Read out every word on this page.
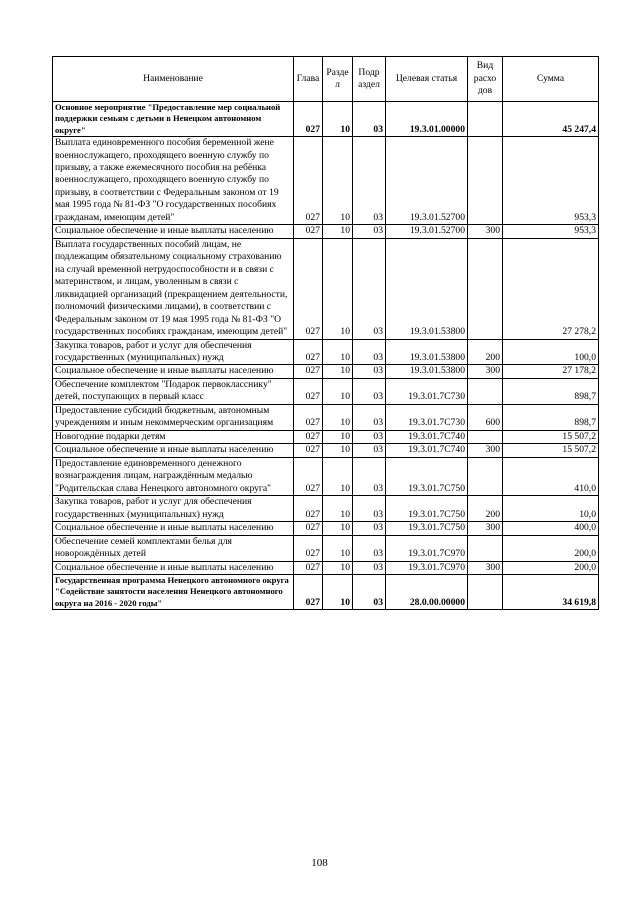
Наименование	Глава	Разде л	Подр аздел	Целевая статья	Вид расхо дов	Сумма
Основное мероприятие "Предоставление мер социальной поддержки семьям с детьми в Ненецком автономном округе"	027	10	03	19.3.01.00000		45 247,4
Выплата единовременного пособия беременной жене военнослужащего, проходящего военную службу по призыву, а также ежемесячного пособия на ребёнка военнослужащего, проходящего военную службу по призыву, в соответствии с Федеральным законом от 19 мая 1995 года № 81-ФЗ "О государственных пособиях гражданам, имеющим детей"	027	10	03	19.3.01.52700		953,3
Социальное обеспечение и иные выплаты населению	027	10	03	19.3.01.52700	300	953,3
Выплата государственных пособий лицам, не подлежащим обязательному социальному страхованию на случай временной нетрудоспособности и в связи с материнством, и лицам, уволенным в связи с ликвидацией организаций (прекращением деятельности, полномочий физическими лицами), в соответствии с Федеральным законом от 19 мая 1995 года № 81-ФЗ "О государственных пособиях гражданам, имеющим детей"	027	10	03	19.3.01.53800		27 278,2
Закупка товаров, работ и услуг для обеспечения государственных (муниципальных) нужд	027	10	03	19.3.01.53800	200	100,0
Социальное обеспечение и иные выплаты населению	027	10	03	19.3.01.53800	300	27 178,2
Обеспечение комплектом "Подарок первокласснику" детей, поступающих в первый класс	027	10	03	19.3.01.7С730		898,7
Предоставление субсидий бюджетным, автономным учреждениям и иным некоммерческим организациям	027	10	03	19.3.01.7С730	600	898,7
Новогодние подарки детям	027	10	03	19.3.01.7С740		15 507,2
Социальное обеспечение и иные выплаты населению	027	10	03	19.3.01.7С740	300	15 507,2
Предоставление единовременного денежного вознаграждения лицам, награждённым медалью "Родительская слава Ненецкого автономного округа"	027	10	03	19.3.01.7С750		410,0
Закупка товаров, работ и услуг для обеспечения государственных (муниципальных) нужд	027	10	03	19.3.01.7С750	200	10,0
Социальное обеспечение и иные выплаты населению	027	10	03	19.3.01.7С750	300	400,0
Обеспечение семей комплектами белья для новорождённых детей	027	10	03	19.3.01.7С970		200,0
Социальное обеспечение и иные выплаты населению	027	10	03	19.3.01.7С970	300	200,0
Государственная программа Ненецкого автономного округа "Содействие занятости населения Ненецкого автономного округа на 2016 - 2020 годы"	027	10	03	28.0.00.00000		34 619,8
108
